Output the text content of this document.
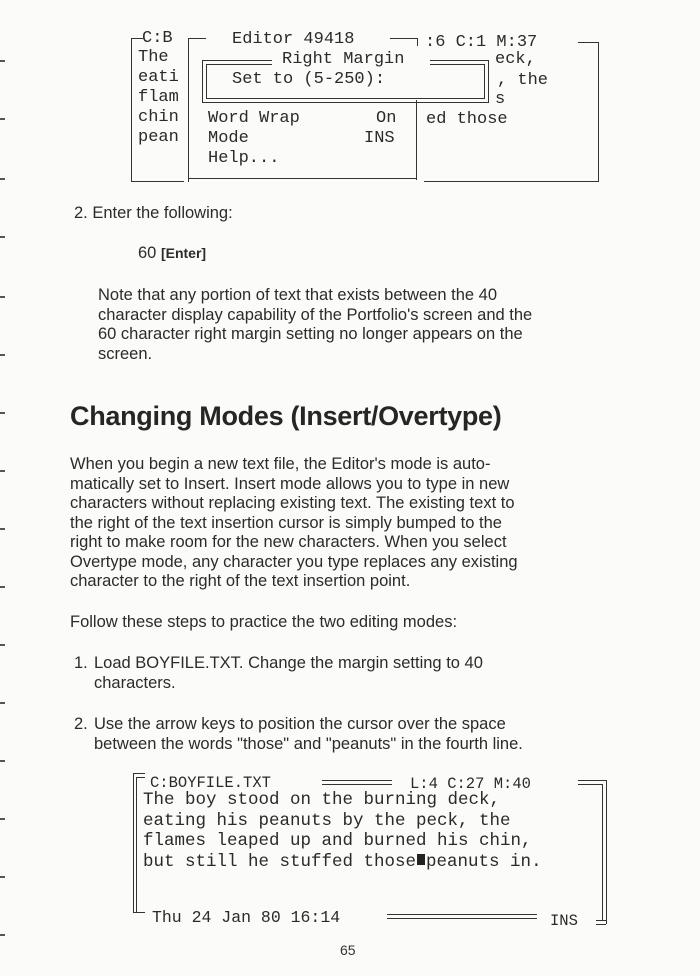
C:B
The
eati
flam
chin
pean
Editor 49418	:6 C:1 M:37
Right Margin
Set to (5-250):
eck,
, the
s
ed those
Word Wrap	On
Mode	INS
Help...
2. Enter the following:
60 [Enter]
Note that any portion of text that exists between the 40
character display capability of the Portfolio's screen and the
60 character right margin setting no longer appears on the
screen.
Changing Modes (Insert/Overtype)
When you begin a new text file, the Editor's mode is auto-
matically set to Insert. Insert mode allows you to type in new
characters without replacing existing text. The existing text to
the right of the text insertion cursor is simply bumped to the
right to make room for the new characters. When you select
Overtype mode, any character you type replaces any existing
character to the right of the text insertion point.
Follow these steps to practice the two editing modes:
1. Load BOYFILE.TXT. Change the margin setting to 40
characters.
2. Use the arrow keys to position the cursor over the space
between the words "those" and "peanuts" in the fourth line.
C:BOYFILE.TXT	L:4 C:27 M:40
The boy stood on the burning deck,
eating his peanuts by the peck, the
flames leaped up and burned his chin,
but still he stuffed those peanuts in.
Thu 24 Jan 80 16:14	INS
65
